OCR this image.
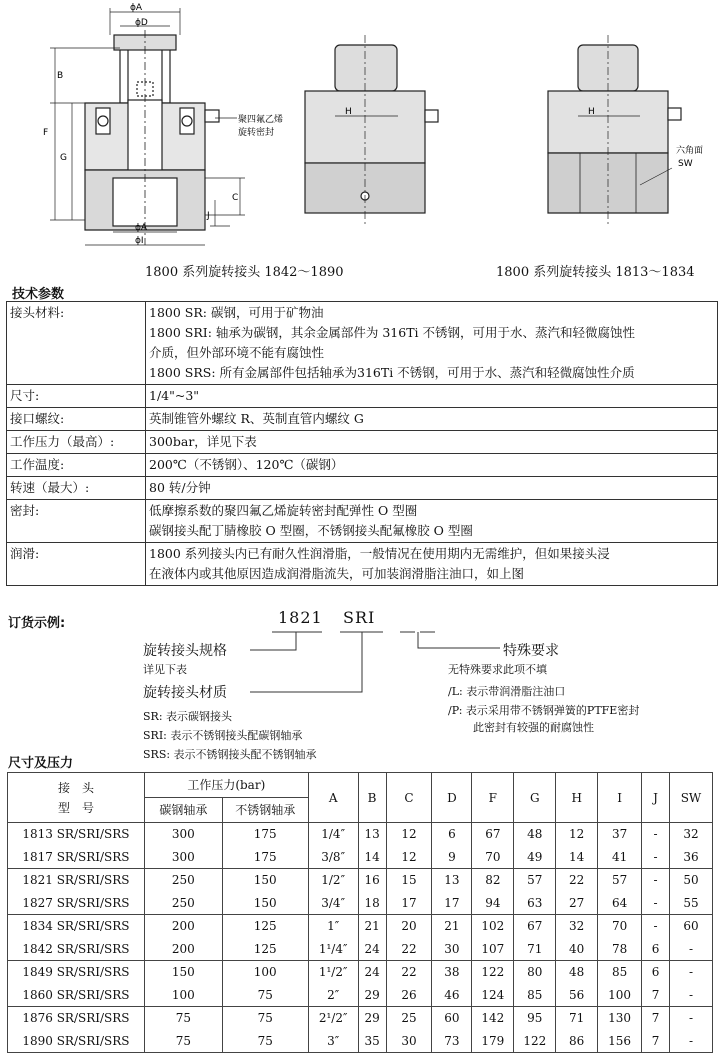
ϕA
ϕD
B
F
G
C
J
ϕA
ϕI
聚四氟乙烯
旋转密封
H	H
六角面
SW
1800 系列旋转接头 1842～1890	1800 系列旋转接头 1813～1834
技术参数
接头材料:	1800 SR: 碳钢，可用于矿物油
1800 SRI: 轴承为碳钢，其余金属部件为 316Ti 不锈钢，可用于水、蒸汽和轻微腐蚀性
介质，但外部环境不能有腐蚀性
1800 SRS: 所有金属部件包括轴承为316Ti 不锈钢，可用于水、蒸汽和轻微腐蚀性介质

尺寸:	1/4"~3"

接口螺纹:	英制锥管外螺纹 R、英制直管内螺纹 G

工作压力（最高）:	300bar，详见下表

工作温度:	200℃（不锈钢）、120℃（碳钢）

转速（最大）:	80 转/分钟

密封:	低摩擦系数的聚四氟乙烯旋转密封配弹性 O 型圈
碳钢接头配丁腈橡胶 O 型圈，不锈钢接头配氟橡胶 O 型圈

润滑:	1800 系列接头内已有耐久性润滑脂，一般情况在使用期内无需维护，但如果接头浸
在液体内或其他原因造成润滑脂流失，可加装润滑脂注油口，如上图
订货示例:	1821 SRI
旋转接头规格
详见下表
旋转接头材质
SR: 表示碳钢接头
SRI: 表示不锈钢接头配碳钢轴承
SRS: 表示不锈钢接头配不锈钢轴承
特殊要求
无特殊要求此项不填
/L: 表示带润滑脂注油口
/P: 表示采用带不锈钢弹簧的PTFE密封
此密封有较强的耐腐蚀性
尺寸及压力
接　头
型　号	工作压力(bar)		A	B	C	D	F	G	H	I	J	SW
	碳钢轴承	不锈钢轴承										
1813 SR/SRI/SRS	300	175	1/4″	13	12	6	67	48	12	37	-	32
1817 SR/SRI/SRS	300	175	3/8″	14	12	9	70	49	14	41	-	36
1821 SR/SRI/SRS	250	150	1/2″	16	15	13	82	57	22	57	-	50
1827 SR/SRI/SRS	250	150	3/4″	18	17	17	94	63	27	64	-	55
1834 SR/SRI/SRS	200	125	1″	21	20	21	102	67	32	70	-	60
1842 SR/SRI/SRS	200	125	1¹/4″	24	22	30	107	71	40	78	6	-
1849 SR/SRI/SRS	150	100	1¹/2″	24	22	38	122	80	48	85	6	-
1860 SR/SRI/SRS	100	75	2″	29	26	46	124	85	56	100	7	-
1876 SR/SRI/SRS	75	75	2¹/2″	29	25	60	142	95	71	130	7	-
1890 SR/SRI/SRS	75	75	3″	35	30	73	179	122	86	156	7	-
